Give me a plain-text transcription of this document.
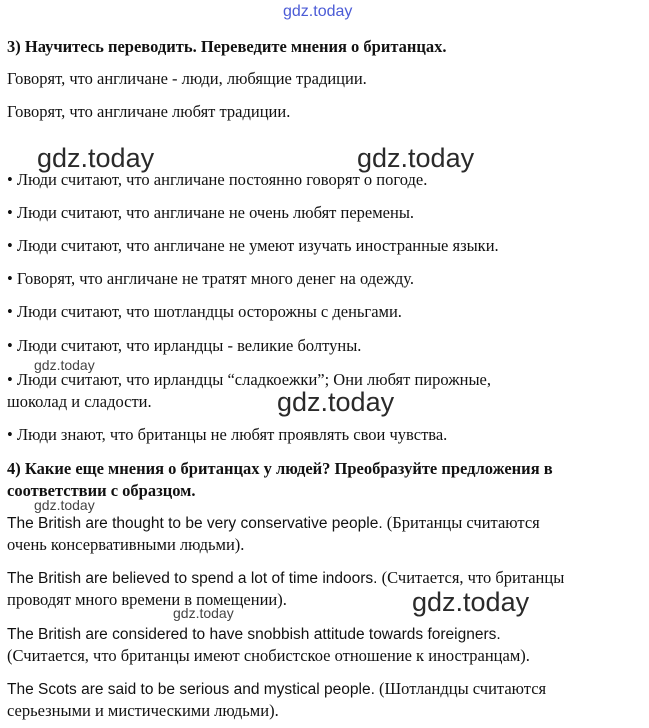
gdz.today
gdz.today	gdz.today
gdz.today
gdz.today
gdz.today
gdz.today
gdz.today
3) Научитесь переводить. Переведите мнения о британцах.
Говорят, что англичане - люди, любящие традиции.
Говорят, что англичане любят традиции.
• Люди считают, что англичане постоянно говорят о погоде.
• Люди считают, что англичане не очень любят перемены.
• Люди считают, что англичане не умеют изучать иностранные языки.
• Говорят, что англичане не тратят много денег на одежду.
• Люди считают, что шотландцы осторожны с деньгами.
• Люди считают, что ирландцы - великие болтуны.
• Люди считают, что ирландцы “сладкоежки”; Они любят пирожные,
шоколад и сладости.
• Люди знают, что британцы не любят проявлять свои чувства.
4) Какие еще мнения о британцах у людей? Преобразуйте предложения в
соответствии с образцом.
The British are thought to be very conservative people. (Британцы считаются
очень консервативными людьми).
The British are believed to spend a lot of time indoors. (Считается, что британцы
проводят много времени в помещении).
The British are considered to have snobbish attitude towards foreigners.
(Считается, что британцы имеют снобистское отношение к иностранцам).
The Scots are said to be serious and mystical people. (Шотландцы считаются
серьезными и мистическими людьми).
